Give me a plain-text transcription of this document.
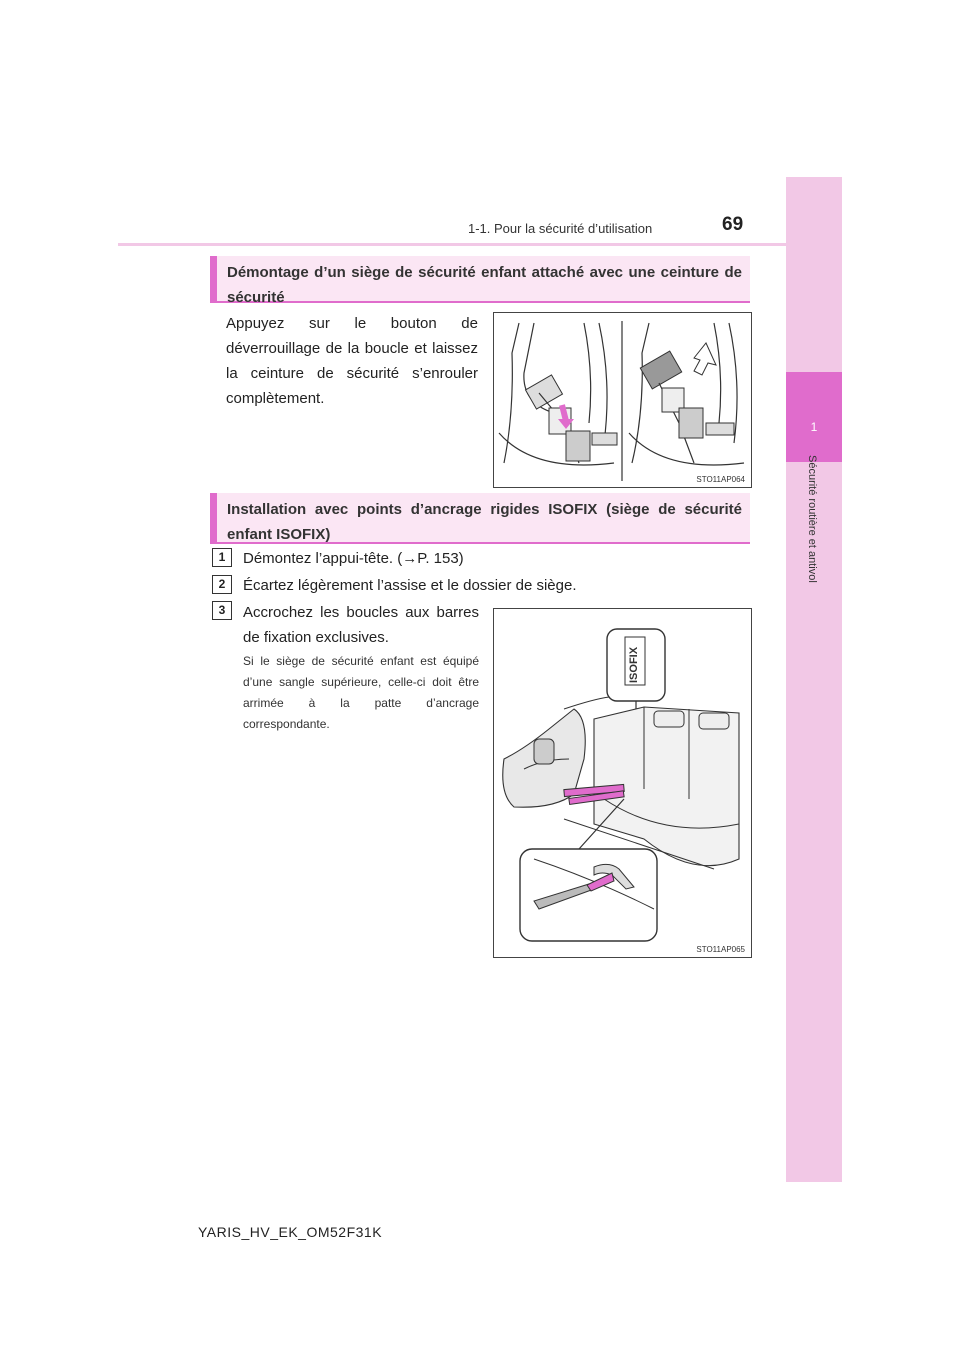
1
Sécurité routière et antivol
1-1. Pour la sécurité d’utilisation	69
Démontage d’un siège de sécurité enfant attaché avec une ceinture de sécurité
Appuyez sur le bouton de déverrouillage de la boucle et laissez la ceinture de sécurité s’enrouler complètement.
STO11AP064
Installation avec points d’ancrage rigides ISOFIX (siège de sécurité enfant ISOFIX)
1	Démontez l’appui-tête. (→P. 153)
2	Écartez légèrement l’assise et le dossier de siège.
3	Accrochez les boucles aux barres de fixation exclusives.
Si le siège de sécurité enfant est équipé d’une sangle supérieure, celle-ci doit être arrimée à la patte d’ancrage correspondante.
ISOFIX
STO11AP065
YARIS_HV_EK_OM52F31K
